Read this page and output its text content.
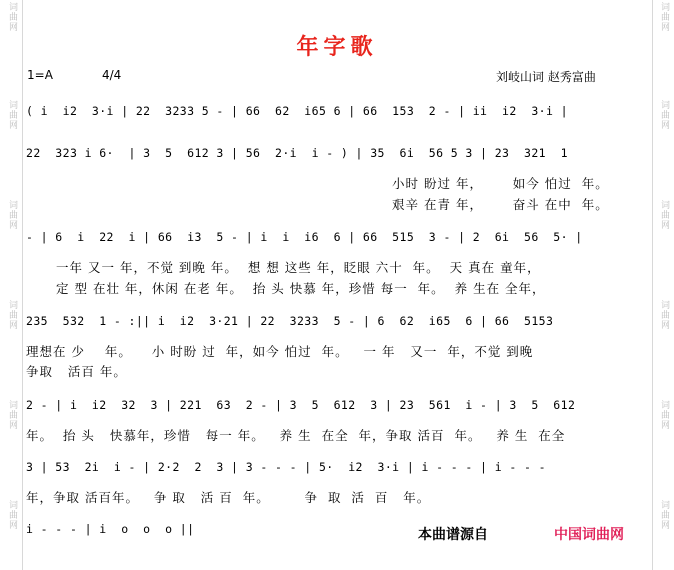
词曲网
词曲网
词曲网
词曲网
词曲网
词曲网
词曲网
词曲网
词曲网
词曲网
词曲网
词曲网
年字歌
1=A	4/4	刘岐山词 赵秀富曲
( i  i2  3·i | 22  3233 5 - | 66  62  i65 6 | 66  153  2 - | ii  i2  3·i |
22  323 i 6·  | 3  5  612 3 | 56  2·i  i - ) | 35  6i  56 5 3 | 23  321  1
小时 盼过 年，      如今 怕过  年。
艰辛 在青 年，      奋斗 在中  年。
- | 6  i  22  i | 66  i3  5 - | i  i  i6  6 | 66  515  3 - | 2  6i  56  5· |
一年 又一 年，不觉 到晚 年。  想 想 这些 年，眨眼 六十  年。  天 真在 童年，
定 型 在壮 年，休闲 在老 年。  抬 头 快慕 年，珍惜 每一  年。  养 生在 全年，
235  532  1 - :|| i  i2  3·21 | 22  3233  5 - | 6  62  i65  6 | 66  5153
理想在 少    年。    小 时盼 过  年，如今 怕过  年。   一 年   又一  年，不觉 到晚
争取   活百 年。
2 - | i  i2  32  3 | 221  63  2 - | 3  5  612  3 | 23  561  i - | 3  5  612
年。  抬 头   快慕年，珍惜   每一 年。   养 生  在全  年，争取 活百  年。   养 生  在全
3 | 53  2i  i - | 2·2  2  3 | 3 - - - | 5·  i2  3·i | i - - - | i - - -
年，争取 活百年。   争 取   活 百  年。       争  取  活  百   年。
i - - - | i  o  o  o ||	本曲谱源自	中国词曲网
